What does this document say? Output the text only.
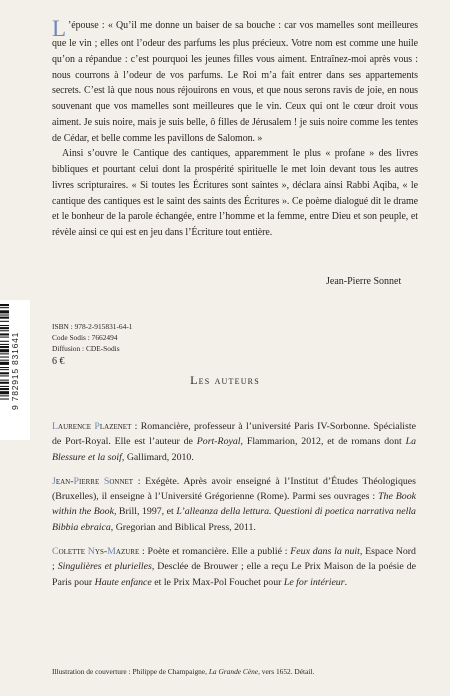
L ’épouse : « Qu’il me donne un baiser de sa bouche : car vos mamelles sont meilleures que le vin ; elles ont l’odeur des parfums les plus précieux. Votre nom est comme une huile qu’on a répandue : c’est pourquoi les jeunes filles vous aiment. Entraînez-moi après vous : nous courrons à l’odeur de vos parfums. Le Roi m’a fait entrer dans ses appartements secrets. C’est là que nous nous réjouirons en vous, et que nous serons ravis de joie, en nous souvenant que vos mamelles sont meilleures que le vin. Ceux qui ont le cœur droit vous aiment. Je suis noire, mais je suis belle, ô filles de Jérusalem ! je suis noire comme les tentes de Cédar, et belle comme les pavillons de Salomon. »

Ainsi s’ouvre le Cantique des cantiques, apparemment le plus « profane » des livres bibliques et pourtant celui dont la prospérité spirituelle le met loin devant tous les autres livres scripturaires. « Si toutes les Écritures sont saintes », déclara ainsi Rabbi Aqiba, « le cantique des cantiques est le saint des saints des Écritures ». Ce poème dialogué dit le drame et le bonheur de la parole échangée, entre l’homme et la femme, entre Dieu et son peuple, et révèle ainsi ce qui est en jeu dans l’Écriture tout entière.

Jean-Pierre Sonnet
9 782915 831641
ISBN : 978-2-915831-64-1
Code Sodis : 7662494
Diffusion : CDE-Sodis
6 €
Les auteurs

Laurence Plazenet : Romancière, professeur à l’université Paris IV-Sorbonne. Spécialiste de Port-Royal. Elle est l’auteur de Port-Royal, Flammarion, 2012, et de romans dont La Blessure et la soif, Gallimard, 2010.

Jean-Pierre Sonnet : Exégète. Après avoir enseigné à l’Institut d’Études Théologiques (Bruxelles), il enseigne à l’Université Grégorienne (Rome). Parmi ses ouvrages : The Book within the Book, Brill, 1997, et L’alleanza della lettura. Questioni di poetica narrativa nella Bibbia ebraica, Gregorian and Biblical Press, 2011.

Colette Nys-Mazure : Poète et romancière. Elle a publié : Feux dans la nuit, Espace Nord ; Singulières et plurielles, Desclée de Brouwer ; elle a reçu Le Prix Maison de la poésie de Paris pour Haute enfance et le Prix Max-Pol Fouchet pour Le for intérieur.

Illustration de couverture : Philippe de Champaigne, La Grande Cène, vers 1652. Détail.
